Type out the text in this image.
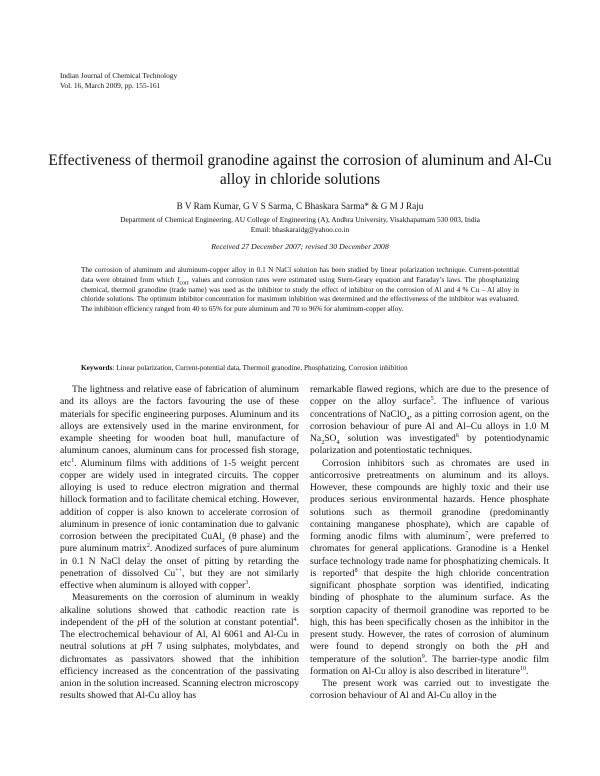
Indian Journal of Chemical Technology
Vol. 16, March 2009, pp. 155-161
Effectiveness of thermoil granodine against the corrosion of aluminum and Al-Cu
alloy in chloride solutions
B V Ram Kumar, G V S Sarma, C Bhaskara Sarma* & G M J Raju
Department of Chemical Engineering, AU College of Engineering (A), Andhra University, Visakhapatnam 530 003, India
Email: bhaskaraidg@yahoo.co.in
Received 27 December 2007; revised 30 December 2008
The corrosion of aluminum and aluminum-copper alloy in 0.1 N NaCl solution has been studied by linear polarization technique. Current-potential data were obtained from which $I_{corr}$ values and corrosion rates were estimated using Stern-Geary equation and Faraday’s laws. The phosphatizing chemical, thermoil granodine (trade name) was used as the inhibitor to study the effect of inhibitor on the corrosion of Al and 4 % Cu – Al alloy in chloride solutions. The optimum inhibitor concentration for maximum inhibition was determined and the effectiveness of the inhibitor was evaluated. The inhibition efficiency ranged from 40 to 65% for pure aluminum and 70 to 96% for aluminum-copper alloy.
Keywords: Linear polarization, Current-potential data, Thermoil granodine, Phosphatizing, Corrosion inhibition

The lightness and relative ease of fabrication of aluminum and its alloys are the factors favouring the use of these materials for specific engineering purposes. Aluminum and its alloys are extensively used in the marine environment, for example sheeting for wooden boat hull, manufacture of aluminum canoes, aluminum cans for processed fish storage, etc$^1$. Aluminum films with additions of 1-5 weight percent copper are widely used in integrated circuits. The copper alloying is used to reduce electron migration and thermal hillock formation and to facilitate chemical etching. However, addition of copper is also known to accelerate corrosion of aluminum in presence of ionic contamination due to galvanic corrosion between the precipitated CuAl$_2$ (θ phase) and the pure aluminum matrix$^2$. Anodized surfaces of pure aluminum in 0.1 N NaCl delay the onset of pitting by retarding the penetration of dissolved Cu++, but they are not similarly effective when aluminum is alloyed with copper$^3$.

Measurements on the corrosion of aluminum in weakly alkaline solutions showed that cathodic reaction rate is independent of the pH of the solution at constant potential$^4$. The electrochemical behaviour of Al, Al 6061 and Al-Cu in neutral solutions at pH 7 using sulphates, molybdates, and dichromates as passivators showed that the inhibition efficiency increased as the concentration of the passivating anion in the solution increased. Scanning electron microscopy results showed that Al-Cu alloy has

remarkable flawed regions, which are due to the presence of copper on the alloy surface$^5$. The influence of various concentrations of NaClO$_4$, as a pitting corrosion agent, on the corrosion behaviour of pure Al and Al–Cu alloys in 1.0 M $Na_2SO_4$ solution was investigated$^6$ by potentiodynamic polarization and potentiostatic techniques.

Corrosion inhibitors such as chromates are used in anticorrosive pretreatments on aluminum and its alloys. However, these compounds are highly toxic and their use produces serious environmental hazards. Hence phosphate solutions such as thermoil granodine (predominantly containing manganese phosphate), which are capable of forming anodic films with aluminum$^7$, were preferred to chromates for general applications. Granodine is a Henkel surface technology trade name for phosphatizing chemicals. It is reported$^8$ that despite the high chloride concentration significant phosphate sorption was identified, indicating binding of phosphate to the aluminum surface. As the sorption capacity of thermoil granodine was reported to be high, this has been specifically chosen as the inhibitor in the present study. However, the rates of corrosion of aluminum were found to depend strongly on both the pH and temperature of the solution$^9$. The barrier-type anodic film formation on Al-Cu alloy is also described in literature$^{10}$.

The present work was carried out to investigate the corrosion behaviour of Al and Al-Cu alloy in the
